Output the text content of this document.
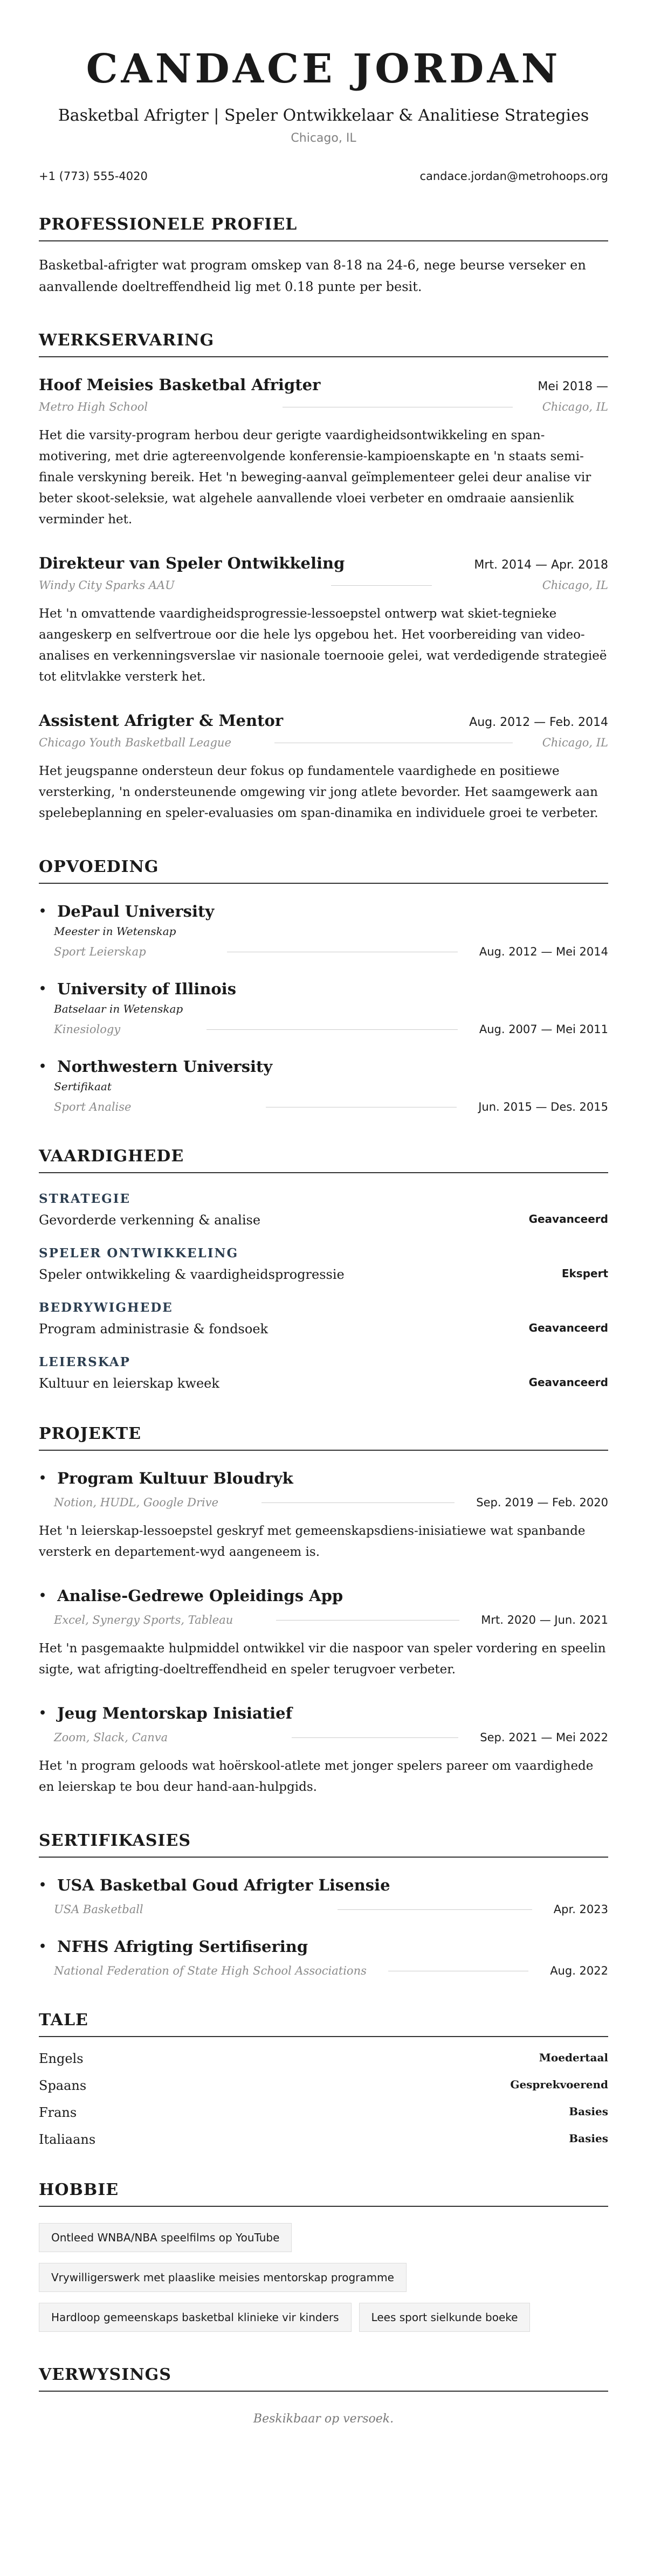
CANDACE JORDAN
Basketbal Afrigter | Speler Ontwikkelaar & Analitiese Strategies
Chicago, IL
+1 (773) 555-4020	candace.jordan@metrohoops.org
PROFESSIONELE PROFIEL
Basketbal-afrigter wat program omskep van 8-18 na 24-6, nege beurse verseker en aanvallende doeltreffendheid lig met 0.18 punte per besit.
WERKSERVARING
Hoof Meisies Basketbal Afrigter	Mei 2018 —
Metro High School	Chicago, IL
Het die varsity-program herbou deur gerigte vaardigheidsontwikkeling en span-motivering, met drie agtereenvolgende konferensie-kampioenskapte en 'n staats semi-finale verskyning bereik. Het 'n beweging-aanval geïmplementeer gelei deur analise vir beter skoot-seleksie, wat algehele aanvallende vloei verbeter en omdraaie aansienlik verminder het.
Direkteur van Speler Ontwikkeling	Mrt. 2014 — Apr. 2018
Windy City Sparks AAU	Chicago, IL
Het 'n omvattende vaardigheidsprogressie-lessoepstel ontwerp wat skiet-tegnieke aangeskerp en selfvertroue oor die hele lys opgebou het. Het voorbereiding van video-analises en verkenningsverslae vir nasionale toernooie gelei, wat verdedigende strategieë tot elitvlakke versterk het.
Assistent Afrigter & Mentor	Aug. 2012 — Feb. 2014
Chicago Youth Basketball League	Chicago, IL
Het jeugspanne ondersteun deur fokus op fundamentele vaardighede en positiewe versterking, 'n ondersteunende omgewing vir jong atlete bevorder. Het saamgewerk aan spelebeplanning en speler-evaluasies om span-dinamika en individuele groei te verbeter.
OPVOEDING
• DePaul University
Meester in Wetenskap
Sport Leierskap	Aug. 2012 — Mei 2014
• University of Illinois
Batselaar in Wetenskap
Kinesiology	Aug. 2007 — Mei 2011
• Northwestern University
Sertifikaat
Sport Analise	Jun. 2015 — Des. 2015
VAARDIGHEDE
STRATEGIE
Gevorderde verkenning & analise	Geavanceerd
SPELER ONTWIKKELING
Speler ontwikkeling & vaardigheidsprogressie	Ekspert
BEDRYWIGHEDE
Program administrasie & fondsoek	Geavanceerd
LEIERSKAP
Kultuur en leierskap kweek	Geavanceerd
PROJEKTE
• Program Kultuur Bloudryk
Notion, HUDL, Google Drive	Sep. 2019 — Feb. 2020
Het 'n leierskap-lessoepstel geskryf met gemeenskapsdiens-inisiatiewe wat spanbande versterk en departement-wyd aangeneem is.
• Analise-Gedrewe Opleidings App
Excel, Synergy Sports, Tableau	Mrt. 2020 — Jun. 2021
Het 'n pasgemaakte hulpmiddel ontwikkel vir die naspoor van speler vordering en speelin sigte, wat afrigting-doeltreffendheid en speler terugvoer verbeter.
• Jeug Mentorskap Inisiatief
Zoom, Slack, Canva	Sep. 2021 — Mei 2022
Het 'n program geloods wat hoërskool-atlete met jonger spelers pareer om vaardighede en leierskap te bou deur hand-aan-hulpgids.
SERTIFIKASIES
• USA Basketbal Goud Afrigter Lisensie
USA Basketball	Apr. 2023
• NFHS Afrigting Sertifisering
National Federation of State High School Associations	Aug. 2022
TALE
Engels	Moedertaal
Spaans	Gesprekvoerend
Frans	Basies
Italiaans	Basies
HOBBIE
Ontleed WNBA/NBA speelfilms op YouTube
Vrywilligerswerk met plaaslike meisies mentorskap programme
Hardloop gemeenskaps basketbal klinieke vir kinders	Lees sport sielkunde boeke
VERWYSINGS
Beskikbaar op versoek.
